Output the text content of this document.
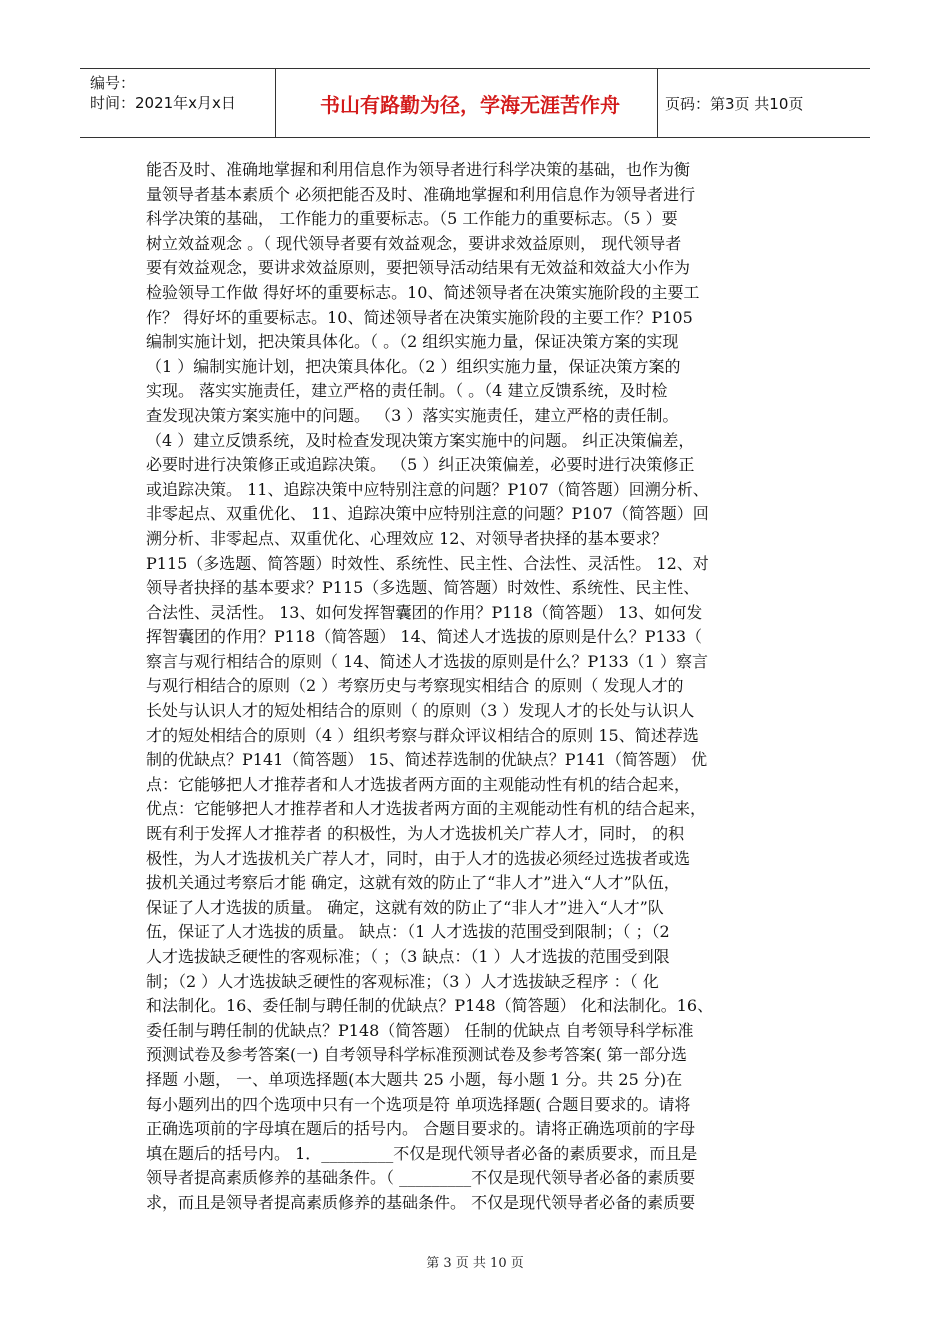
编号：
时间：2021年x月x日	书山有路勤为径，学海无涯苦作舟	页码：第3页 共10页
能否及时、准确地掌握和利用信息作为领导者进行科学决策的基础，也作为衡
量领导者基本素质个 必须把能否及时、准确地掌握和利用信息作为领导者进行
科学决策的基础， 工作能力的重要标志。（5 工作能力的重要标志。（5 ）要
树立效益观念 。（ 现代领导者要有效益观念，要讲求效益原则， 现代领导者
要有效益观念，要讲求效益原则，要把领导活动结果有无效益和效益大小作为
检验领导工作做 得好坏的重要标志。10、简述领导者在决策实施阶段的主要工
作？ 得好坏的重要标志。10、简述领导者在决策实施阶段的主要工作？P105
编制实施计划，把决策具体化。（ 。（2 组织实施力量，保证决策方案的实现
（1 ）编制实施计划，把决策具体化。（2 ）组织实施力量，保证决策方案的
实现。 落实实施责任，建立严格的责任制。（ 。（4 建立反馈系统，及时检
查发现决策方案实施中的问题。 （3 ）落实实施责任，建立严格的责任制。
（4 ）建立反馈系统，及时检查发现决策方案实施中的问题。 纠正决策偏差，
必要时进行决策修正或追踪决策。 （5 ）纠正决策偏差，必要时进行决策修正
或追踪决策。 11、追踪决策中应特别注意的问题？P107（简答题）回溯分析、
非零起点、双重优化、 11、追踪决策中应特别注意的问题？P107（简答题）回
溯分析、非零起点、双重优化、心理效应 12、对领导者抉择的基本要求？
P115（多选题、简答题）时效性、系统性、民主性、合法性、灵活性。 12、对
领导者抉择的基本要求？P115（多选题、简答题）时效性、系统性、民主性、
合法性、灵活性。 13、如何发挥智囊团的作用？P118（简答题） 13、如何发
挥智囊团的作用？P118（简答题） 14、简述人才选拔的原则是什么？P133（
察言与观行相结合的原则（ 14、简述人才选拔的原则是什么？P133（1 ）察言
与观行相结合的原则（2 ）考察历史与考察现实相结合 的原则（ 发现人才的
长处与认识人才的短处相结合的原则（ 的原则（3 ）发现人才的长处与认识人
才的短处相结合的原则（4 ）组织考察与群众评议相结合的原则 15、简述荐选
制的优缺点？P141（简答题） 15、简述荐选制的优缺点？P141（简答题） 优
点：它能够把人才推荐者和人才选拔者两方面的主观能动性有机的结合起来，
优点：它能够把人才推荐者和人才选拔者两方面的主观能动性有机的结合起来，
既有利于发挥人才推荐者 的积极性，为人才选拔机关广荐人才，同时， 的积
极性，为人才选拔机关广荐人才，同时，由于人才的选拔必须经过选拔者或选
拔机关通过考察后才能 确定，这就有效的防止了“非人才”进入“人才”队伍，
保证了人才选拔的质量。 确定，这就有效的防止了“非人才”进入“人才”队
伍，保证了人才选拔的质量。 缺点：（1 人才选拔的范围受到限制；（ ；（2
人才选拔缺乏硬性的客观标准；（ ；（3 缺点：（1 ）人才选拔的范围受到限
制；（2 ）人才选拔缺乏硬性的客观标准；（3 ）人才选拔缺乏程序 ：（ 化
和法制化。16、委任制与聘任制的优缺点？P148（简答题） 化和法制化。16、
委任制与聘任制的优缺点？P148（简答题） 任制的优缺点 自考领导科学标准
预测试卷及参考答案(一) 自考领导科学标准预测试卷及参考答案( 第一部分选
择题 小题， 一、单项选择题(本大题共 25 小题，每小题 1 分。共 25 分)在
每小题列出的四个选项中只有一个选项是符 单项选择题( 合题目要求的。请将
正确选项前的字母填在题后的括号内。 合题目要求的。请将正确选项前的字母
填在题后的括号内。 1．_________不仅是现代领导者必备的素质要求，而且是
领导者提高素质修养的基础条件。（ _________不仅是现代领导者必备的素质要
求，而且是领导者提高素质修养的基础条件。 不仅是现代领导者必备的素质要
第 3 页 共 10 页
